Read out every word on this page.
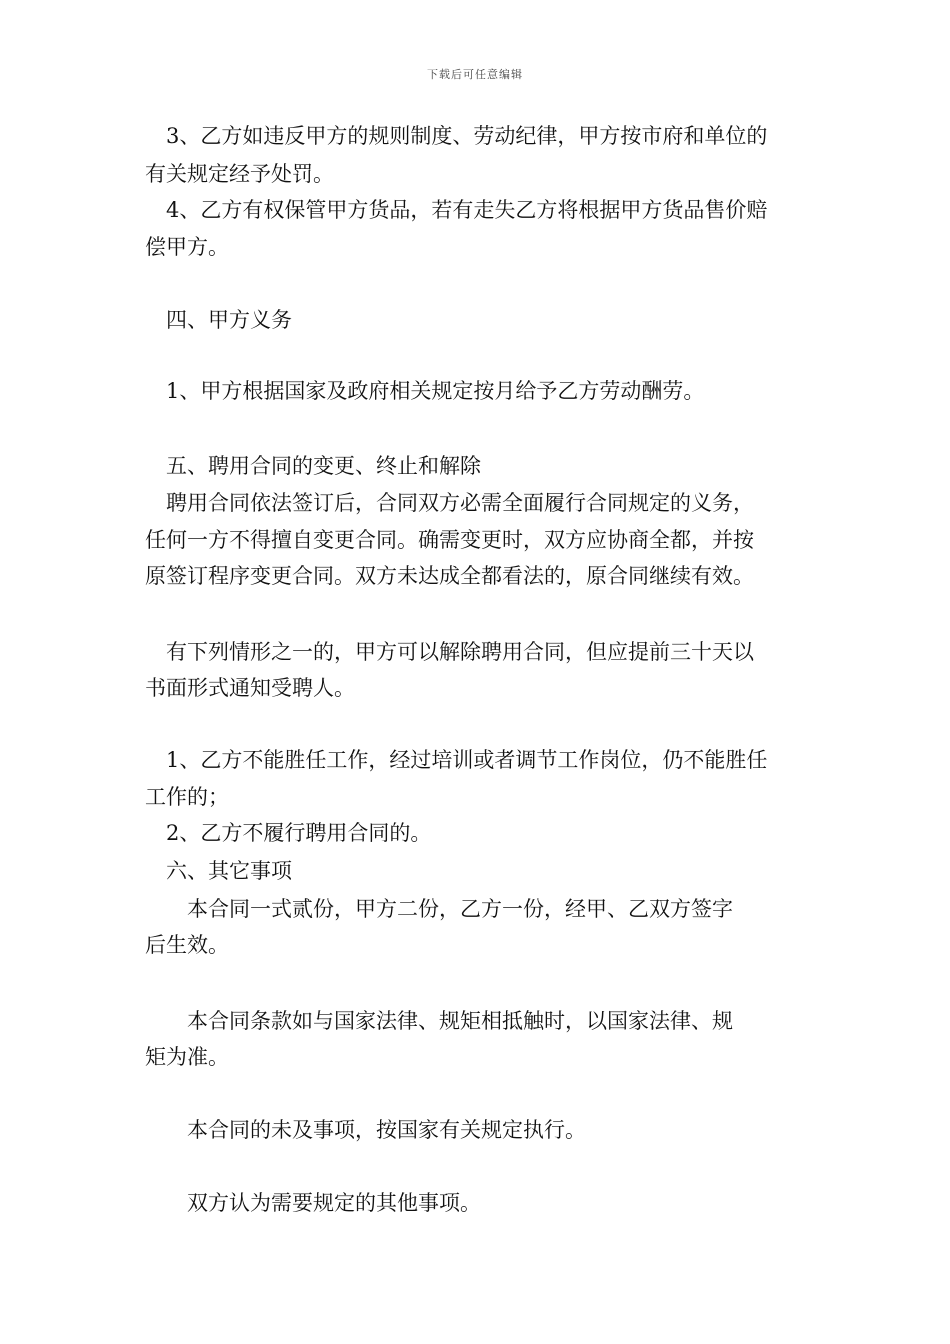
下载后可任意编辑
　3、乙方如违反甲方的规则制度、劳动纪律，甲方按市府和单位的
有关规定经予处罚。
　4、乙方有权保管甲方货品，若有走失乙方将根据甲方货品售价赔
偿甲方。
　四、甲方义务
　1、甲方根据国家及政府相关规定按月给予乙方劳动酬劳。
　五、聘用合同的变更、终止和解除
　聘用合同依法签订后，合同双方必需全面履行合同规定的义务，
任何一方不得擅自变更合同。确需变更时，双方应协商全都，并按
原签订程序变更合同。双方未达成全都看法的，原合同继续有效。
　有下列情形之一的，甲方可以解除聘用合同，但应提前三十天以
书面形式通知受聘人。
　1、乙方不能胜任工作，经过培训或者调节工作岗位，仍不能胜任
工作的；
　2、乙方不履行聘用合同的。
　六、其它事项
　　本合同一式贰份，甲方二份，乙方一份，经甲、乙双方签字
后生效。
　　本合同条款如与国家法律、规矩相抵触时，以国家法律、规
矩为准。
　　本合同的未及事项，按国家有关规定执行。
　　双方认为需要规定的其他事项。
